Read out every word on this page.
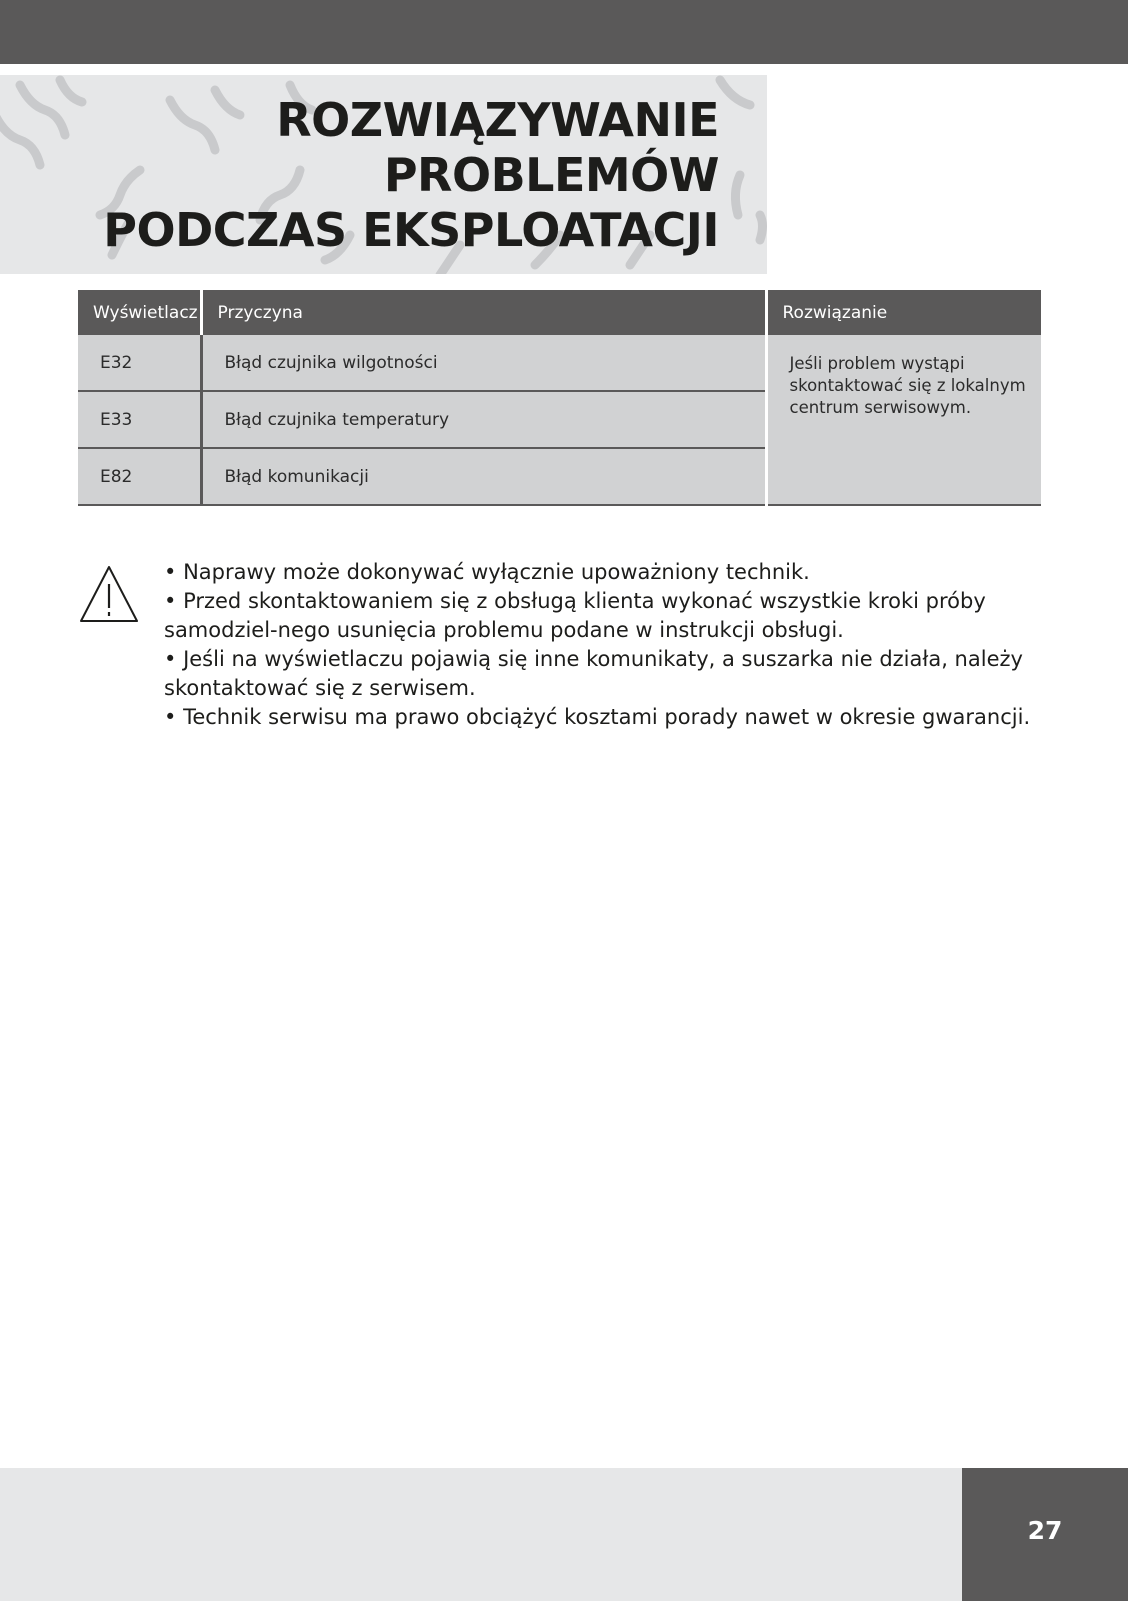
ROZWIĄZYWANIE
PROBLEMÓW
PODCZAS EKSPLOATACJI
Wyświetlacz	Przyczyna	Rozwiązanie
E32	Błąd czujnika wilgotności	Jeśli problem wystąpi skontaktować się z lokalnym centrum serwisowym.
E33	Błąd czujnika temperatury	
E82	Błąd komunikacji	
• Naprawy może dokonywać wyłącznie upoważniony technik.
• Przed skontaktowaniem się z obsługą klienta wykonać wszystkie kroki próby samodziel-nego usunięcia problemu podane w instrukcji obsługi.
• Jeśli na wyświetlaczu pojawią się inne komunikaty, a suszarka nie działa, należy skontaktować się z serwisem.
• Technik serwisu ma prawo obciążyć kosztami porady nawet w okresie gwarancji.
27
